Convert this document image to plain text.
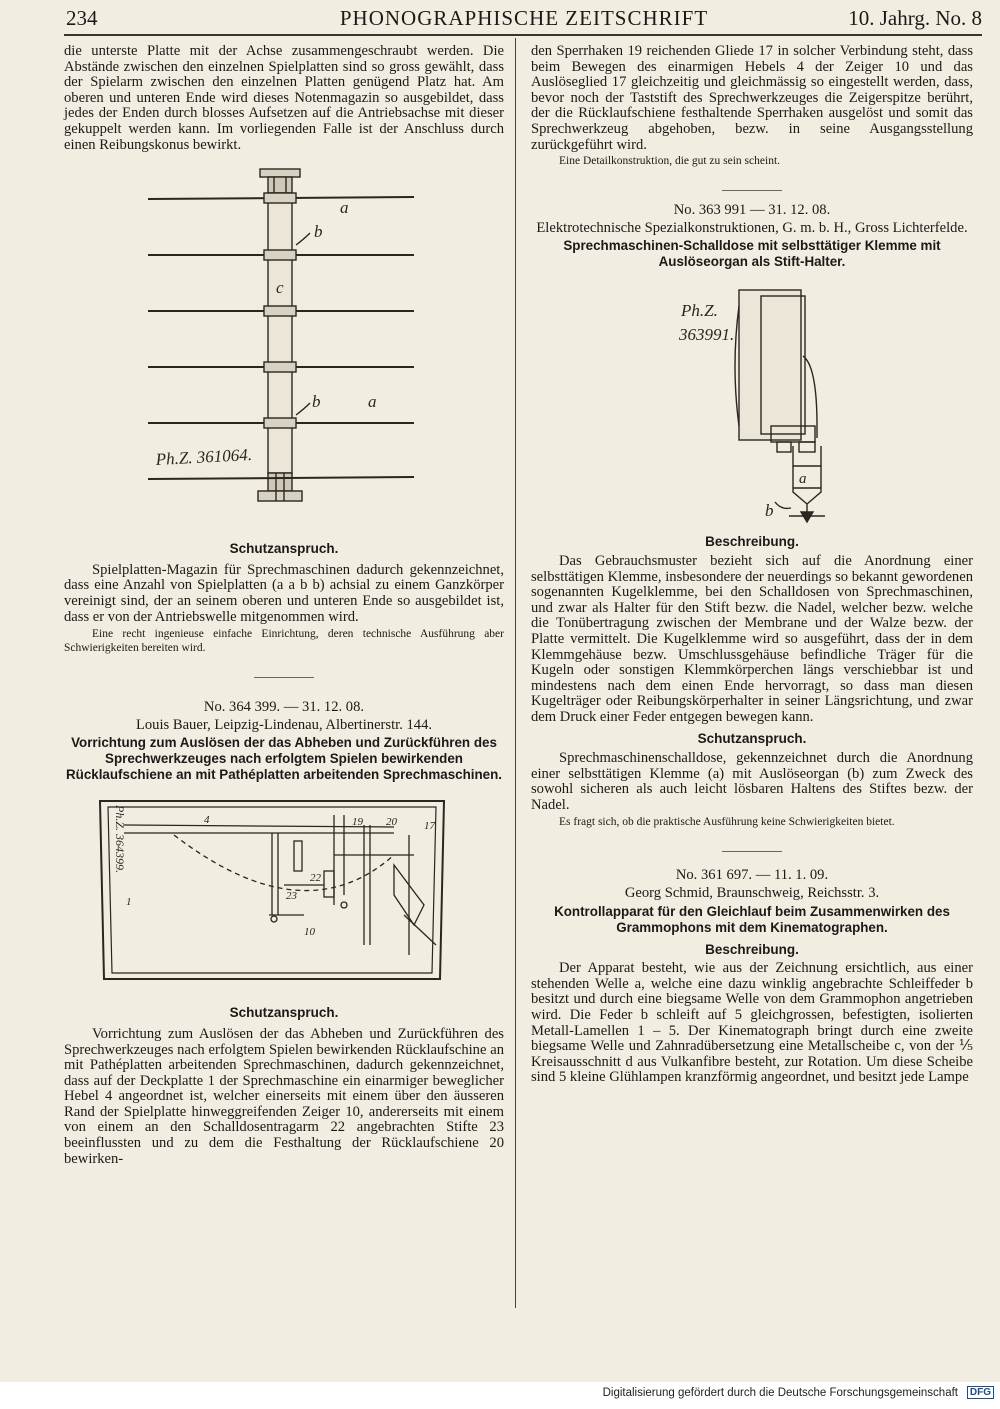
234	PHONOGRAPHISCHE ZEITSCHRIFT	10. Jahrg. No. 8

die unterste Platte mit der Achse zusammengeschraubt werden. Die Abstände zwischen den einzelnen Spielplatten sind so gross gewählt, dass der Spielarm zwischen den einzelnen Platten genügend Platz hat. Am oberen und unteren Ende wird dieses Notenmagazin so ausgebildet, dass jedes der Enden durch blosses Aufsetzen auf die Antriebsachse mit dieser gekuppelt werden kann. Im vorliegenden Falle ist der Anschluss durch einen Reibungskonus bewirkt.

a
b
c
b	a
Ph.Z. 361064.

Schutzanspruch.

Spielplatten-Magazin für Sprechmaschinen dadurch gekennzeichnet, dass eine Anzahl von Spielplatten (a a b b) achsial zu einem Ganzkörper vereinigt sind, der an seinem oberen und unteren Ende so ausgebildet ist, dass er von der Antriebswelle mitgenommen wird.

Eine recht ingenieuse einfache Einrichtung, deren technische Ausführung aber Schwierigkeiten bereiten wird.

No. 364 399. — 31. 12. 08.

Louis Bauer, Leipzig-Lindenau, Albertinerstr. 144.

Vorrichtung zum Auslösen der das Abheben und Zurückführen des Sprechwerkzeuges nach erfolgtem Spielen bewirkenden Rücklaufschiene an mit Pathéplatten arbeitenden Sprechmaschinen.

Ph.Z. 364399.	4	19 20 17
22
23
10
1

Schutzanspruch.

Vorrichtung zum Auslösen der das Abheben und Zurückführen des Sprechwerkzeuges nach erfolgtem Spielen bewirkenden Rücklaufschine an mit Pathéplatten arbeitenden Sprechmaschinen, dadurch gekennzeichnet, dass auf der Deckplatte 1 der Sprechmaschine ein einarmiger beweglicher Hebel 4 angeordnet ist, welcher einerseits mit einem über den äusseren Rand der Spielplatte hinweggreifenden Zeiger 10, andererseits mit einem von einem an den Schalldosentragarm 22 angebrachten Stifte 23 beeinflussten und zu dem die Festhaltung der Rücklaufschiene 20 bewirken-

den Sperrhaken 19 reichenden Gliede 17 in solcher Verbindung steht, dass beim Bewegen des einarmigen Hebels 4 der Zeiger 10 und das Auslöseglied 17 gleichzeitig und gleichmässig so eingestellt werden, dass, bevor noch der Taststift des Sprechwerkzeuges die Zeigerspitze berührt, der die Rücklaufschiene festhaltende Sperrhaken ausgelöst und somit das Sprechwerkzeug abgehoben, bezw. in seine Ausgangsstellung zurückgeführt wird.

Eine Detailkonstruktion, die gut zu sein scheint.

No. 363 991 — 31. 12. 08.

Elektrotechnische Spezialkonstruktionen, G. m. b. H., Gross Lichterfelde.

Sprechmaschinen-Schalldose mit selbsttätiger Klemme mit Auslöseorgan als Stift-Halter.

Ph.Z.
363991.
a
b

Beschreibung.

Das Gebrauchsmuster bezieht sich auf die Anordnung einer selbsttätigen Klemme, insbesondere der neuerdings so bekannt gewordenen sogenannten Kugelklemme, bei den Schalldosen von Sprechmaschinen, und zwar als Halter für den Stift bezw. die Nadel, welcher bezw. welche die Tonübertragung zwischen der Membrane und der Walze bezw. der Platte vermittelt. Die Kugelklemme wird so ausgeführt, dass der in dem Klemmgehäuse bezw. Umschlussgehäuse befindliche Träger für die Kugeln oder sonstigen Klemmkörperchen längs verschiebbar ist und mindestens nach dem einen Ende hervorragt, so dass man diesen Kugelträger oder Reibungskörperhalter in seiner Längsrichtung, und zwar dem Druck einer Feder entgegen bewegen kann.

Schutzanspruch.

Sprechmaschinenschalldose, gekennzeichnet durch die Anordnung einer selbsttätigen Klemme (a) mit Auslöseorgan (b) zum Zweck des sowohl sicheren als auch leicht lösbaren Haltens des Stiftes bezw. der Nadel.

Es fragt sich, ob die praktische Ausführung keine Schwierigkeiten bietet.

No. 361 697. — 11. 1. 09.

Georg Schmid, Braunschweig, Reichsstr. 3.

Kontrollapparat für den Gleichlauf beim Zusammenwirken des Grammophons mit dem Kinematographen.

Beschreibung.

Der Apparat besteht, wie aus der Zeichnung ersichtlich, aus einer stehenden Welle a, welche eine dazu winklig angebrachte Schleiffeder b besitzt und durch eine biegsame Welle von dem Grammophon angetrieben wird. Die Feder b schleift auf 5 gleichgrossen, befestigten, isolierten Metall-Lamellen 1 – 5. Der Kinematograph bringt durch eine zweite biegsame Welle und Zahnradübersetzung eine Metallscheibe c, von der ⅕ Kreisausschnitt d aus Vulkanfibre besteht, zur Rotation. Um diese Scheibe sind 5 kleine Glühlampen kranzförmig angeordnet, und besitzt jede Lampe

Digitalisierung gefördert durch die Deutsche Forschungsgemeinschaft	DFG
